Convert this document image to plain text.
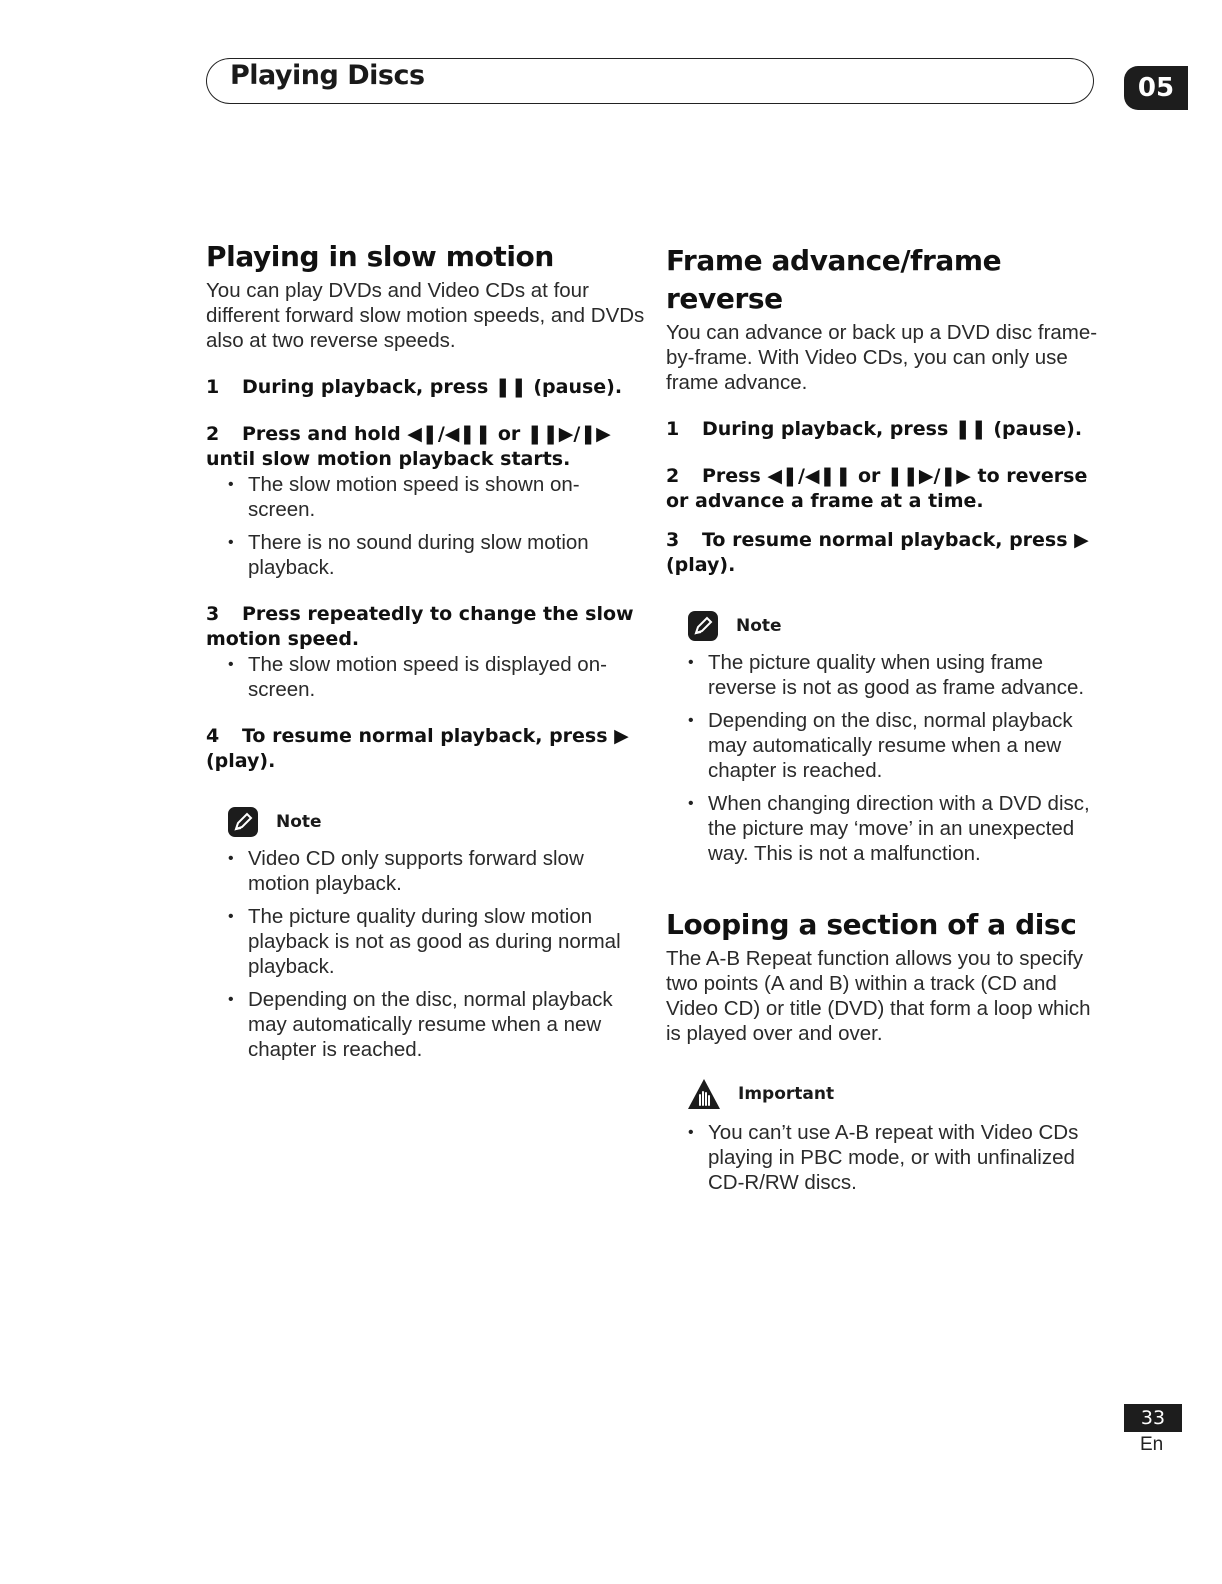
Playing Discs	05
Playing in slow motion

You can play DVDs and Video CDs at four different forward slow motion speeds, and DVDs also at two reverse speeds.

1 During playback, press ❚❚ (pause).

2 Press and hold ◀❚/◀❚❚ or ❚❚▶/❚▶ until slow motion playback starts.

• The slow motion speed is shown on-screen.
• There is no sound during slow motion playback.

3 Press repeatedly to change the slow motion speed.

• The slow motion speed is displayed on-screen.

4 To resume normal playback, press ▶ (play).

Note
• Video CD only supports forward slow motion playback.
• The picture quality during slow motion playback is not as good as during normal playback.
• Depending on the disc, normal playback may automatically resume when a new chapter is reached.
Frame advance/frame reverse

You can advance or back up a DVD disc frame-by-frame. With Video CDs, you can only use frame advance.

1 During playback, press ❚❚ (pause).

2 Press ◀❚/◀❚❚ or ❚❚▶/❚▶ to reverse or advance a frame at a time.

3 To resume normal playback, press ▶ (play).

Note
• The picture quality when using frame reverse is not as good as frame advance.
• Depending on the disc, normal playback may automatically resume when a new chapter is reached.
• When changing direction with a DVD disc, the picture may ‘move’ in an unexpected way. This is not a malfunction.
Looping a section of a disc

The A-B Repeat function allows you to specify two points (A and B) within a track (CD and Video CD) or title (DVD) that form a loop which is played over and over.

Important
• You can’t use A-B repeat with Video CDs playing in PBC mode, or with unfinalized CD-R/RW discs.
33
En
